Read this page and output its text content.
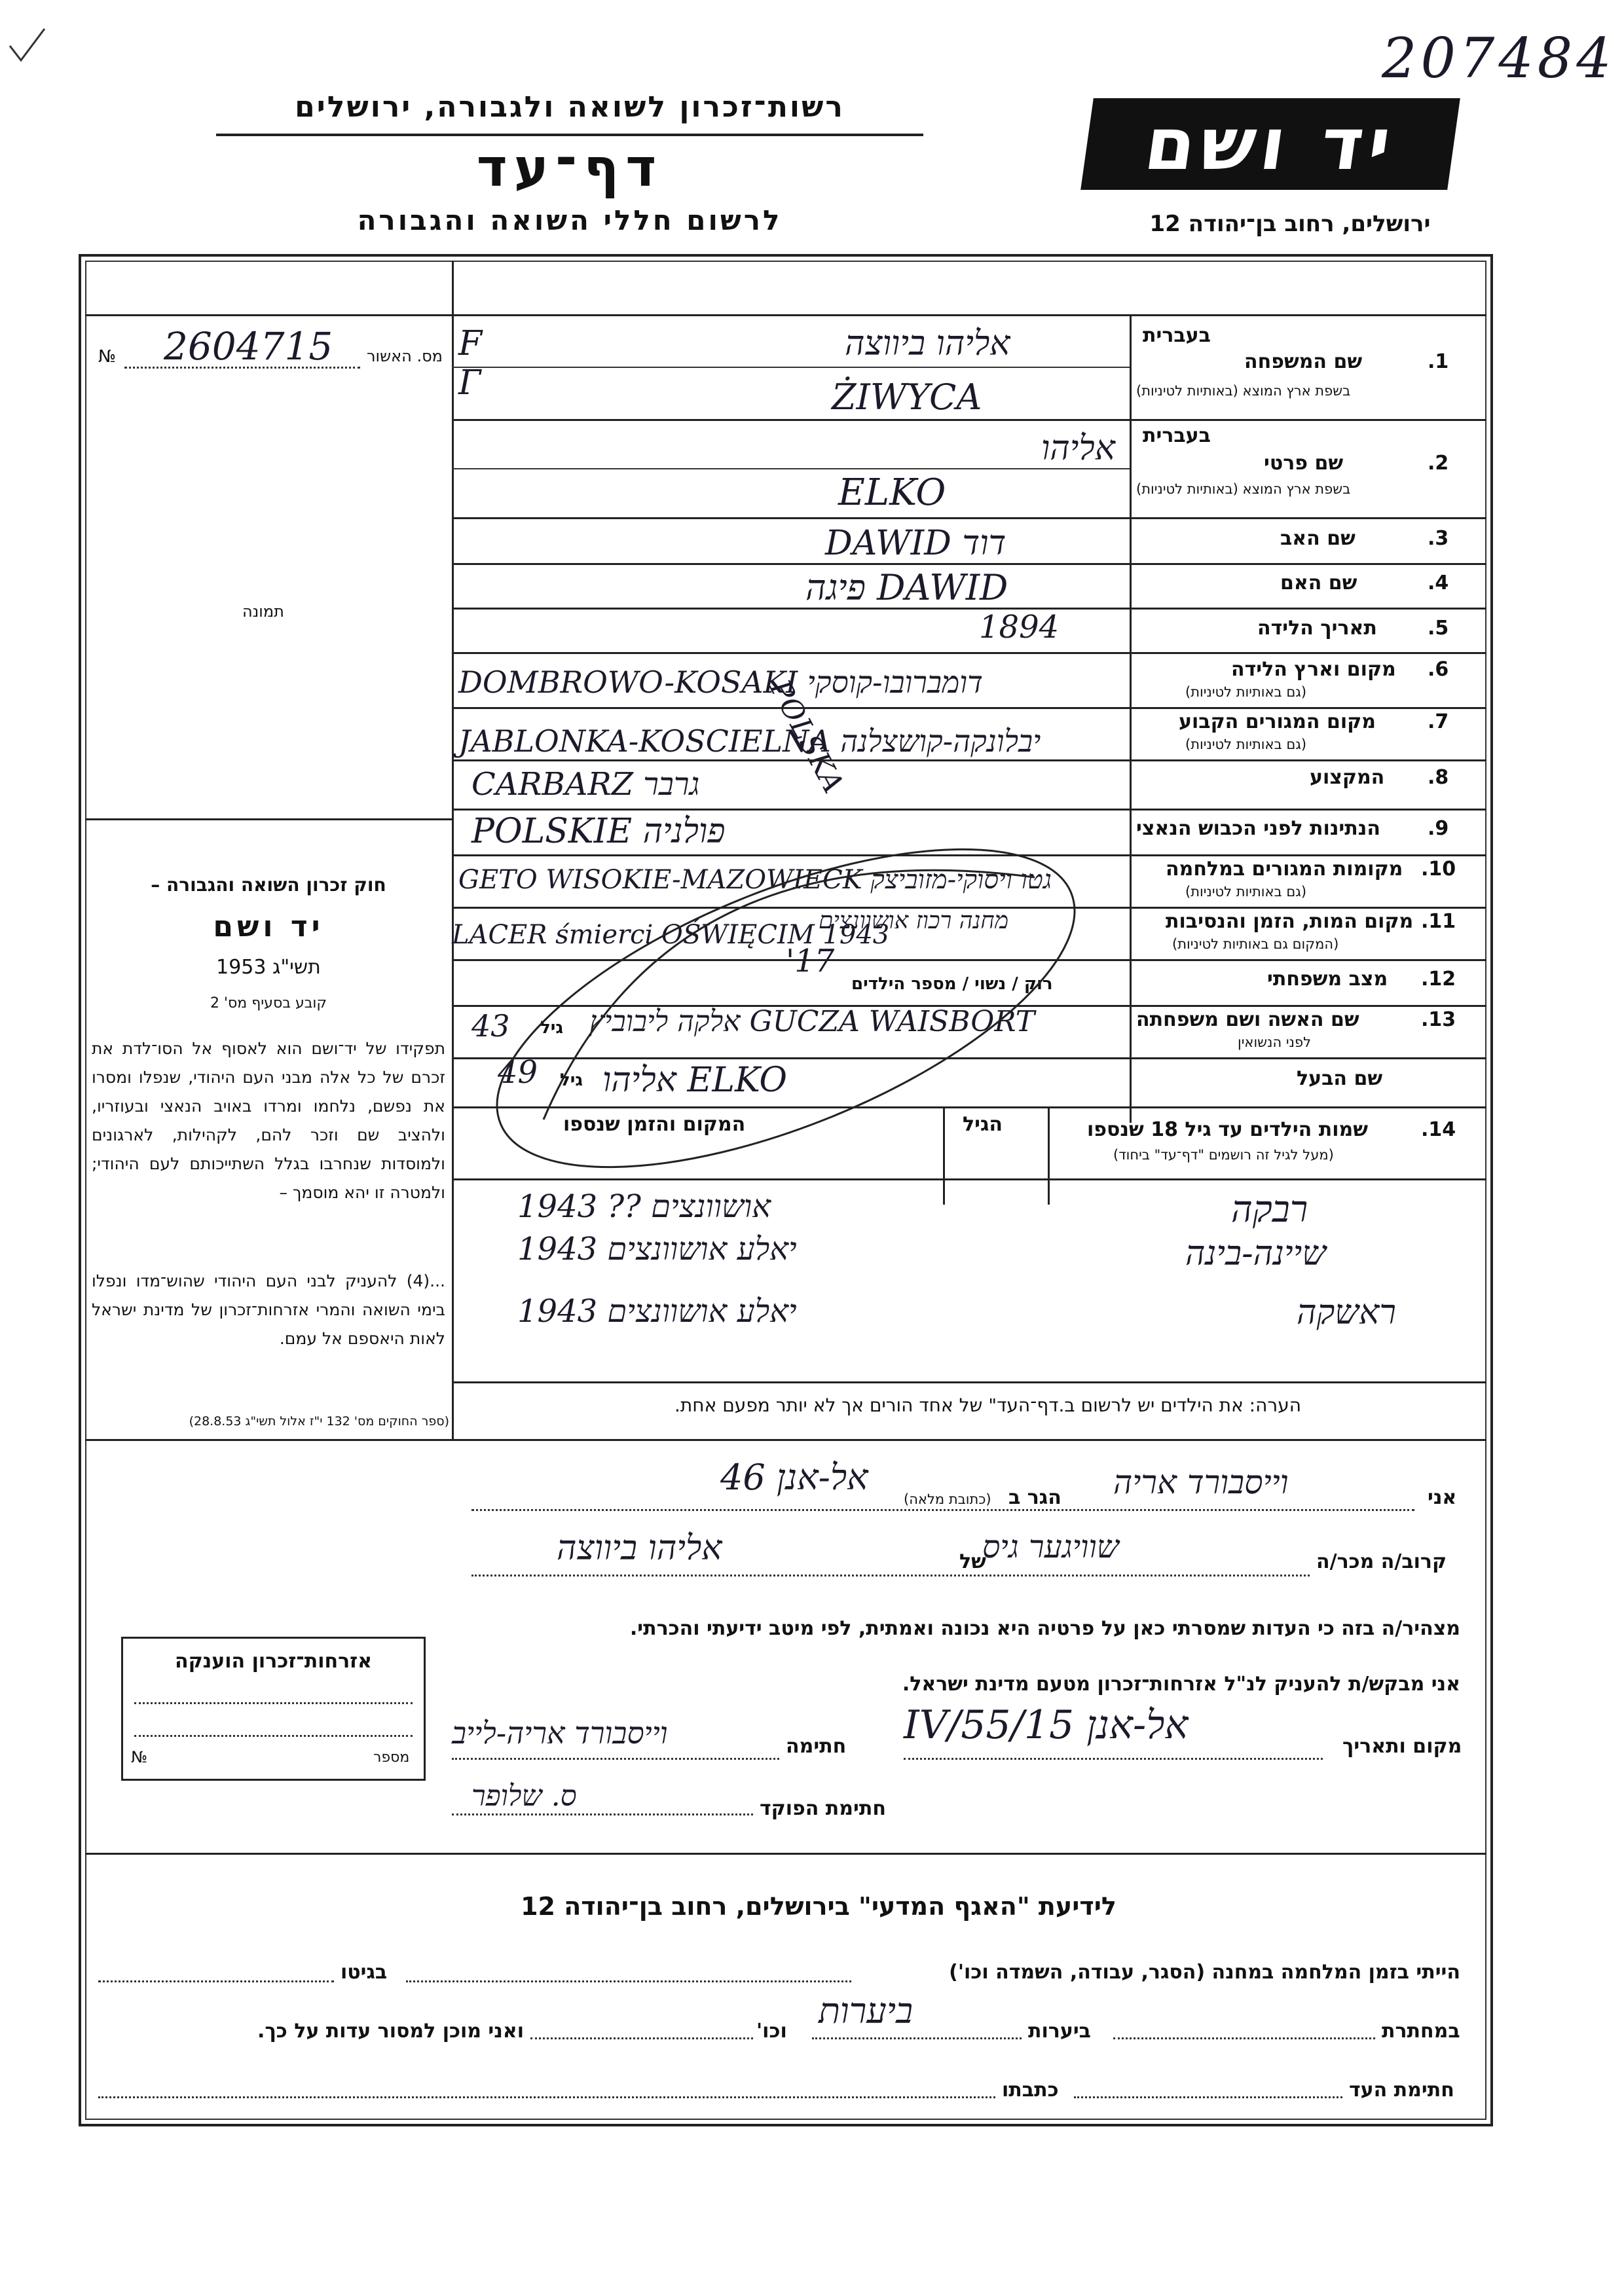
207484
רשות־זכרון לשואה ולגבורה, ירושלים
דף־עד
לרשום חללי השואה והגבורה
יד ושם
ירושלים, רחוב בן־יהודה 12
מס. האשור
№ 2604715
תמונה
חוק זכרון השואה והגבורה –
יד ושם
תשי"ג 1953
קובע בסעיף מס' 2
תפקידו של יד־ושם הוא לאסוף אל הסו־לדת את זכרם של כל אלה מבני העם היהודי, שנפלו ומסרו את נפשם, נלחמו ומרדו באויב הנאצי ובעוזריו, ולהציב שם וזכר להם, לקהילות, לארגונים ולמוסדות שנחרבו בגלל השתייכותם לעם היהודי; ולמטרה זו יהא מוסמך –
...(4) להעניק לבני העם היהודי שהוש־מדו ונפלו בימי השואה והמרי אזרחות־זכרון של מדינת ישראל לאות היאספם אל עמם.
(ספר החוקים מס' 132 י"ז אלול תשי"ג 28.8.53)
1.
בעברית
שם המשפחה
בשפת ארץ המוצא (באותיות לטיניות)
F	אליהו ביווצה
Г	ŻIWYCA
2.
בעברית
שם פרטי
בשפת ארץ המוצא (באותיות לטיניות)
אליהו
ELKO
3.
שם האב
DAWID דוד
4.
שם האם
פיגה DAWID
5.
תאריך הלידה
1894
6.
מקום וארץ הלידה
(גם באותיות לטיניות)
DOMBROWO-KOSAKI דומברובו-קוסקי
POLSKA	7.
מקום המגורים הקבוע
(גם באותיות לטיניות)
JABLONKA-KOSCIELNA יבלונקה-קושצלנה
8.
המקצוע
CARBARZ גרבר
9.
הנתינות לפני הכבוש הנאצי
POLSKIE פולניה
10.
מקומות המגורים במלחמה
(גם באותיות לטיניות)
GETO WISOKIE-MAZOWIECK גטו ויסוקי-מזוביצק
11.
מקום המות, הזמן והנסיבות
(המקום גם באותיות לטיניות)
LACER śmierci OŚWIĘCIM 1943
מחנה רכוז אושוונצים
12.
מצב משפחתי
רוק / נשוי / מספר הילדים
'17
13.
שם האשה ושם משפחתה
לפני הנשואין
43 גיל אלקה ליבוביץ GUCZA WAISBORT
שם הבעל
49 גיל אליהו ELKO
14.
שמות הילדים עד גיל 18 שנספו
(מעל לגיל זה רושמים "דף־עד" ביחוד)
הגיל
המקום והזמן שנספו
1943 ?? אושוונצים	רבקה
1943 יאלע אושוונצים	שיינה-בינה
1943 יאלע אושוונצים	ראשקה
הערה: את הילדים יש לרשום ב.דף־העד" של אחד הורים אך לא יותר מפעם אחת.
אני
וייסבורד אריה
הגר ב
(כתובת מלאה)
אל-אנן 46
קרוב/ה מכר/ה
שוויגער גיס
של
אליהו ביווצה
מצהיר/ה בזה כי העדות שמסרתי כאן על פרטיה היא נכונה ואמתית, לפי מיטב ידיעתי והכרתי.
אני מבקש/ת להעניק לנ"ל אזרחות־זכרון מטעם מדינת ישראל.
מקום ותאריך
אל-אנן 15/IV/55
חתימה
וייסבורד אריה-לייב
חתימת הפוקד
ס. שלופר
אזרחות־זכרון הוענקה
№	מספר
לידיעת "האגף המדעי" בירושלים, רחוב בן־יהודה 12
הייתי בזמן המלחמה במחנה (הסגר, עבודה, השמדה וכו')
בגיטו
במחתרת
ביערות
ביערות
וכו'
ואני מוכן למסור עדות על כך.
חתימת העד
כתבתו
